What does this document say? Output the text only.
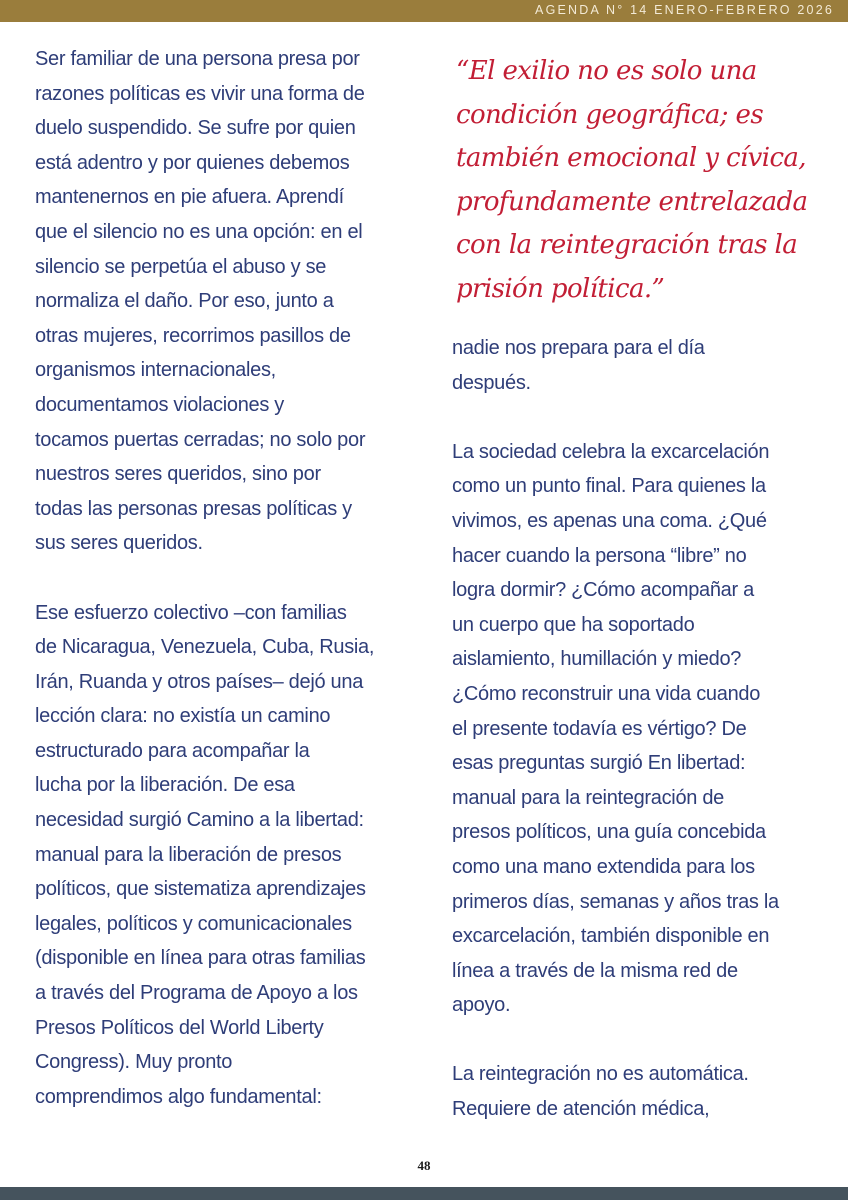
AGENDA N° 14 ENERO-FEBRERO 2026
Ser familiar de una persona presa por
razones políticas es vivir una forma de
duelo suspendido. Se sufre por quien
está adentro y por quienes debemos
mantenernos en pie afuera. Aprendí
que el silencio no es una opción: en el
silencio se perpetúa el abuso y se
normaliza el daño. Por eso, junto a
otras mujeres, recorrimos pasillos de
organismos internacionales,
documentamos violaciones y
tocamos puertas cerradas; no solo por
nuestros seres queridos, sino por
todas las personas presas políticas y
sus seres queridos.
Ese esfuerzo colectivo –con familias
de Nicaragua, Venezuela, Cuba, Rusia,
Irán, Ruanda y otros países– dejó una
lección clara: no existía un camino
estructurado para acompañar la
lucha por la liberación. De esa
necesidad surgió Camino a la libertad:
manual para la liberación de presos
políticos, que sistematiza aprendizajes
legales, políticos y comunicacionales
(disponible en línea para otras familias
a través del Programa de Apoyo a los
Presos Políticos del World Liberty
Congress). Muy pronto
comprendimos algo fundamental:
“El exilio no es solo una
condición geográfica; es
también emocional y cívica,
profundamente entrelazada
con la reintegración tras la
prisión política.”
nadie nos prepara para el día
después.
La sociedad celebra la excarcelación
como un punto final. Para quienes la
vivimos, es apenas una coma. ¿Qué
hacer cuando la persona “libre” no
logra dormir? ¿Cómo acompañar a
un cuerpo que ha soportado
aislamiento, humillación y miedo?
¿Cómo reconstruir una vida cuando
el presente todavía es vértigo? De
esas preguntas surgió En libertad:
manual para la reintegración de
presos políticos, una guía concebida
como una mano extendida para los
primeros días, semanas y años tras la
excarcelación, también disponible en
línea a través de la misma red de
apoyo.
La reintegración no es automática.
Requiere de atención médica,
48
